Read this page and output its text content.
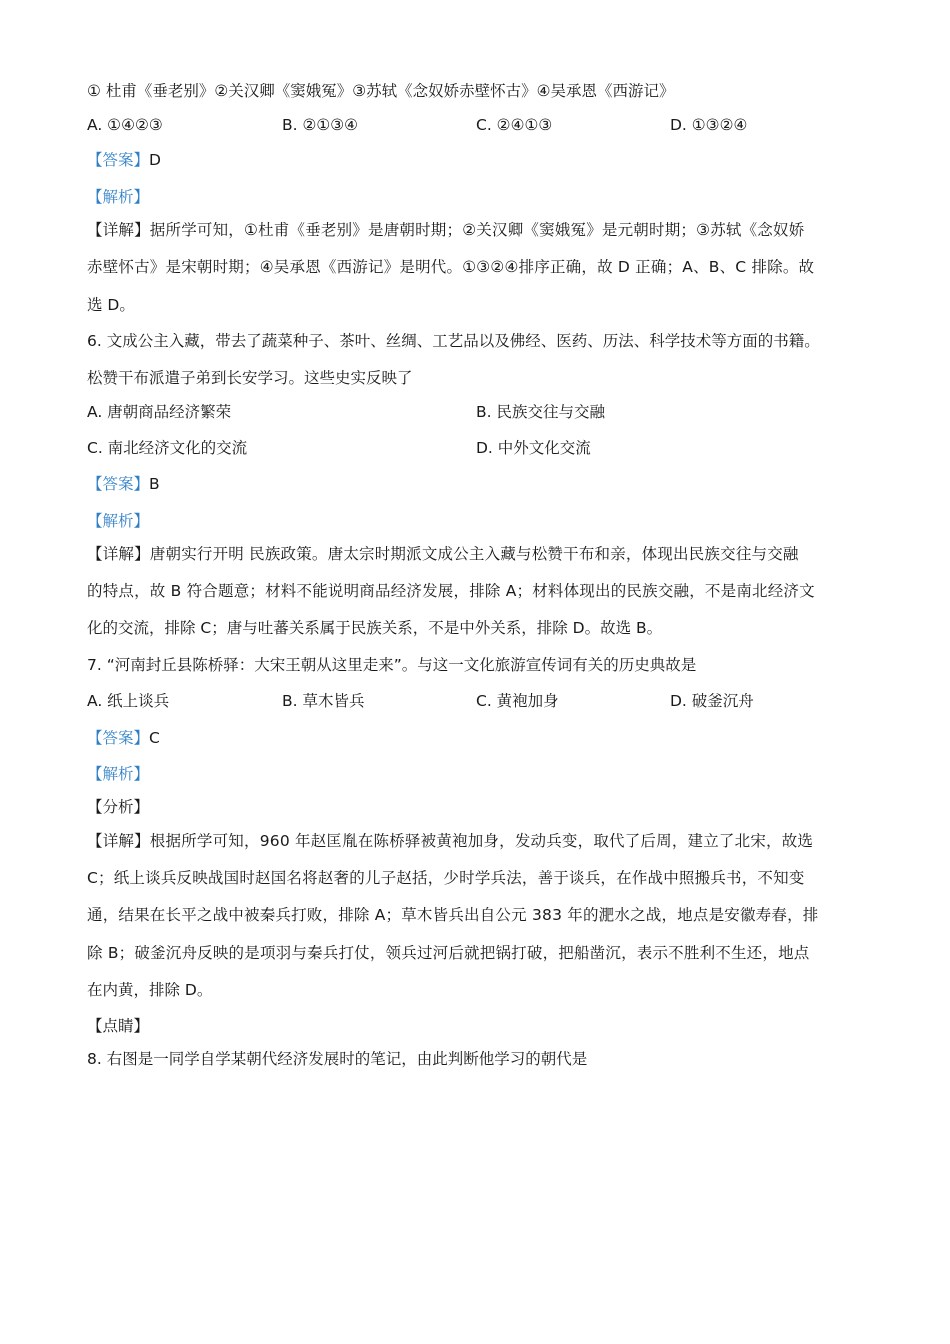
① 杜甫《垂老别》②关汉卿《窦娥冤》③苏轼《念奴娇赤壁怀古》④吴承恩《西游记》
A. ①④②③	B. ②①③④	C. ②④①③	D. ①③②④
【答案】D
【解析】
【详解】据所学可知，①杜甫《垂老别》是唐朝时期；②关汉卿《窦娥冤》是元朝时期；③苏轼《念奴娇
赤壁怀古》是宋朝时期；④吴承恩《西游记》是明代。①③②④排序正确，故 D 正确；A、B、C 排除。故
选 D。
6. 文成公主入藏，带去了蔬菜种子、茶叶、丝绸、工艺品以及佛经、医药、历法、科学技术等方面的书籍。
松赞干布派遣子弟到长安学习。这些史实反映了
A. 唐朝商品经济繁荣	B. 民族交往与交融
C. 南北经济文化的交流	D. 中外文化交流
【答案】B
【解析】
【详解】唐朝实行开明 民族政策。唐太宗时期派文成公主入藏与松赞干布和亲，体现出民族交往与交融
的特点，故 B 符合题意；材料不能说明商品经济发展，排除 A；材料体现出的民族交融，不是南北经济文
化的交流，排除 C；唐与吐蕃关系属于民族关系，不是中外关系，排除 D。故选 B。
7. “河南封丘县陈桥驿：大宋王朝从这里走来”。与这一文化旅游宣传词有关的历史典故是
A. 纸上谈兵	B. 草木皆兵	C. 黄袍加身	D. 破釜沉舟
【答案】C
【解析】
【分析】
【详解】根据所学可知，960 年赵匡胤在陈桥驿被黄袍加身，发动兵变，取代了后周，建立了北宋，故选
C；纸上谈兵反映战国时赵国名将赵奢的儿子赵括，少时学兵法，善于谈兵，在作战中照搬兵书，不知变
通，结果在长平之战中被秦兵打败，排除 A；草木皆兵出自公元 383 年的淝水之战，地点是安徽寿春，排
除 B；破釜沉舟反映的是项羽与秦兵打仗，领兵过河后就把锅打破，把船凿沉，表示不胜利不生还，地点
在内黄，排除 D。
【点睛】
8. 右图是一同学自学某朝代经济发展时的笔记，由此判断他学习的朝代是
